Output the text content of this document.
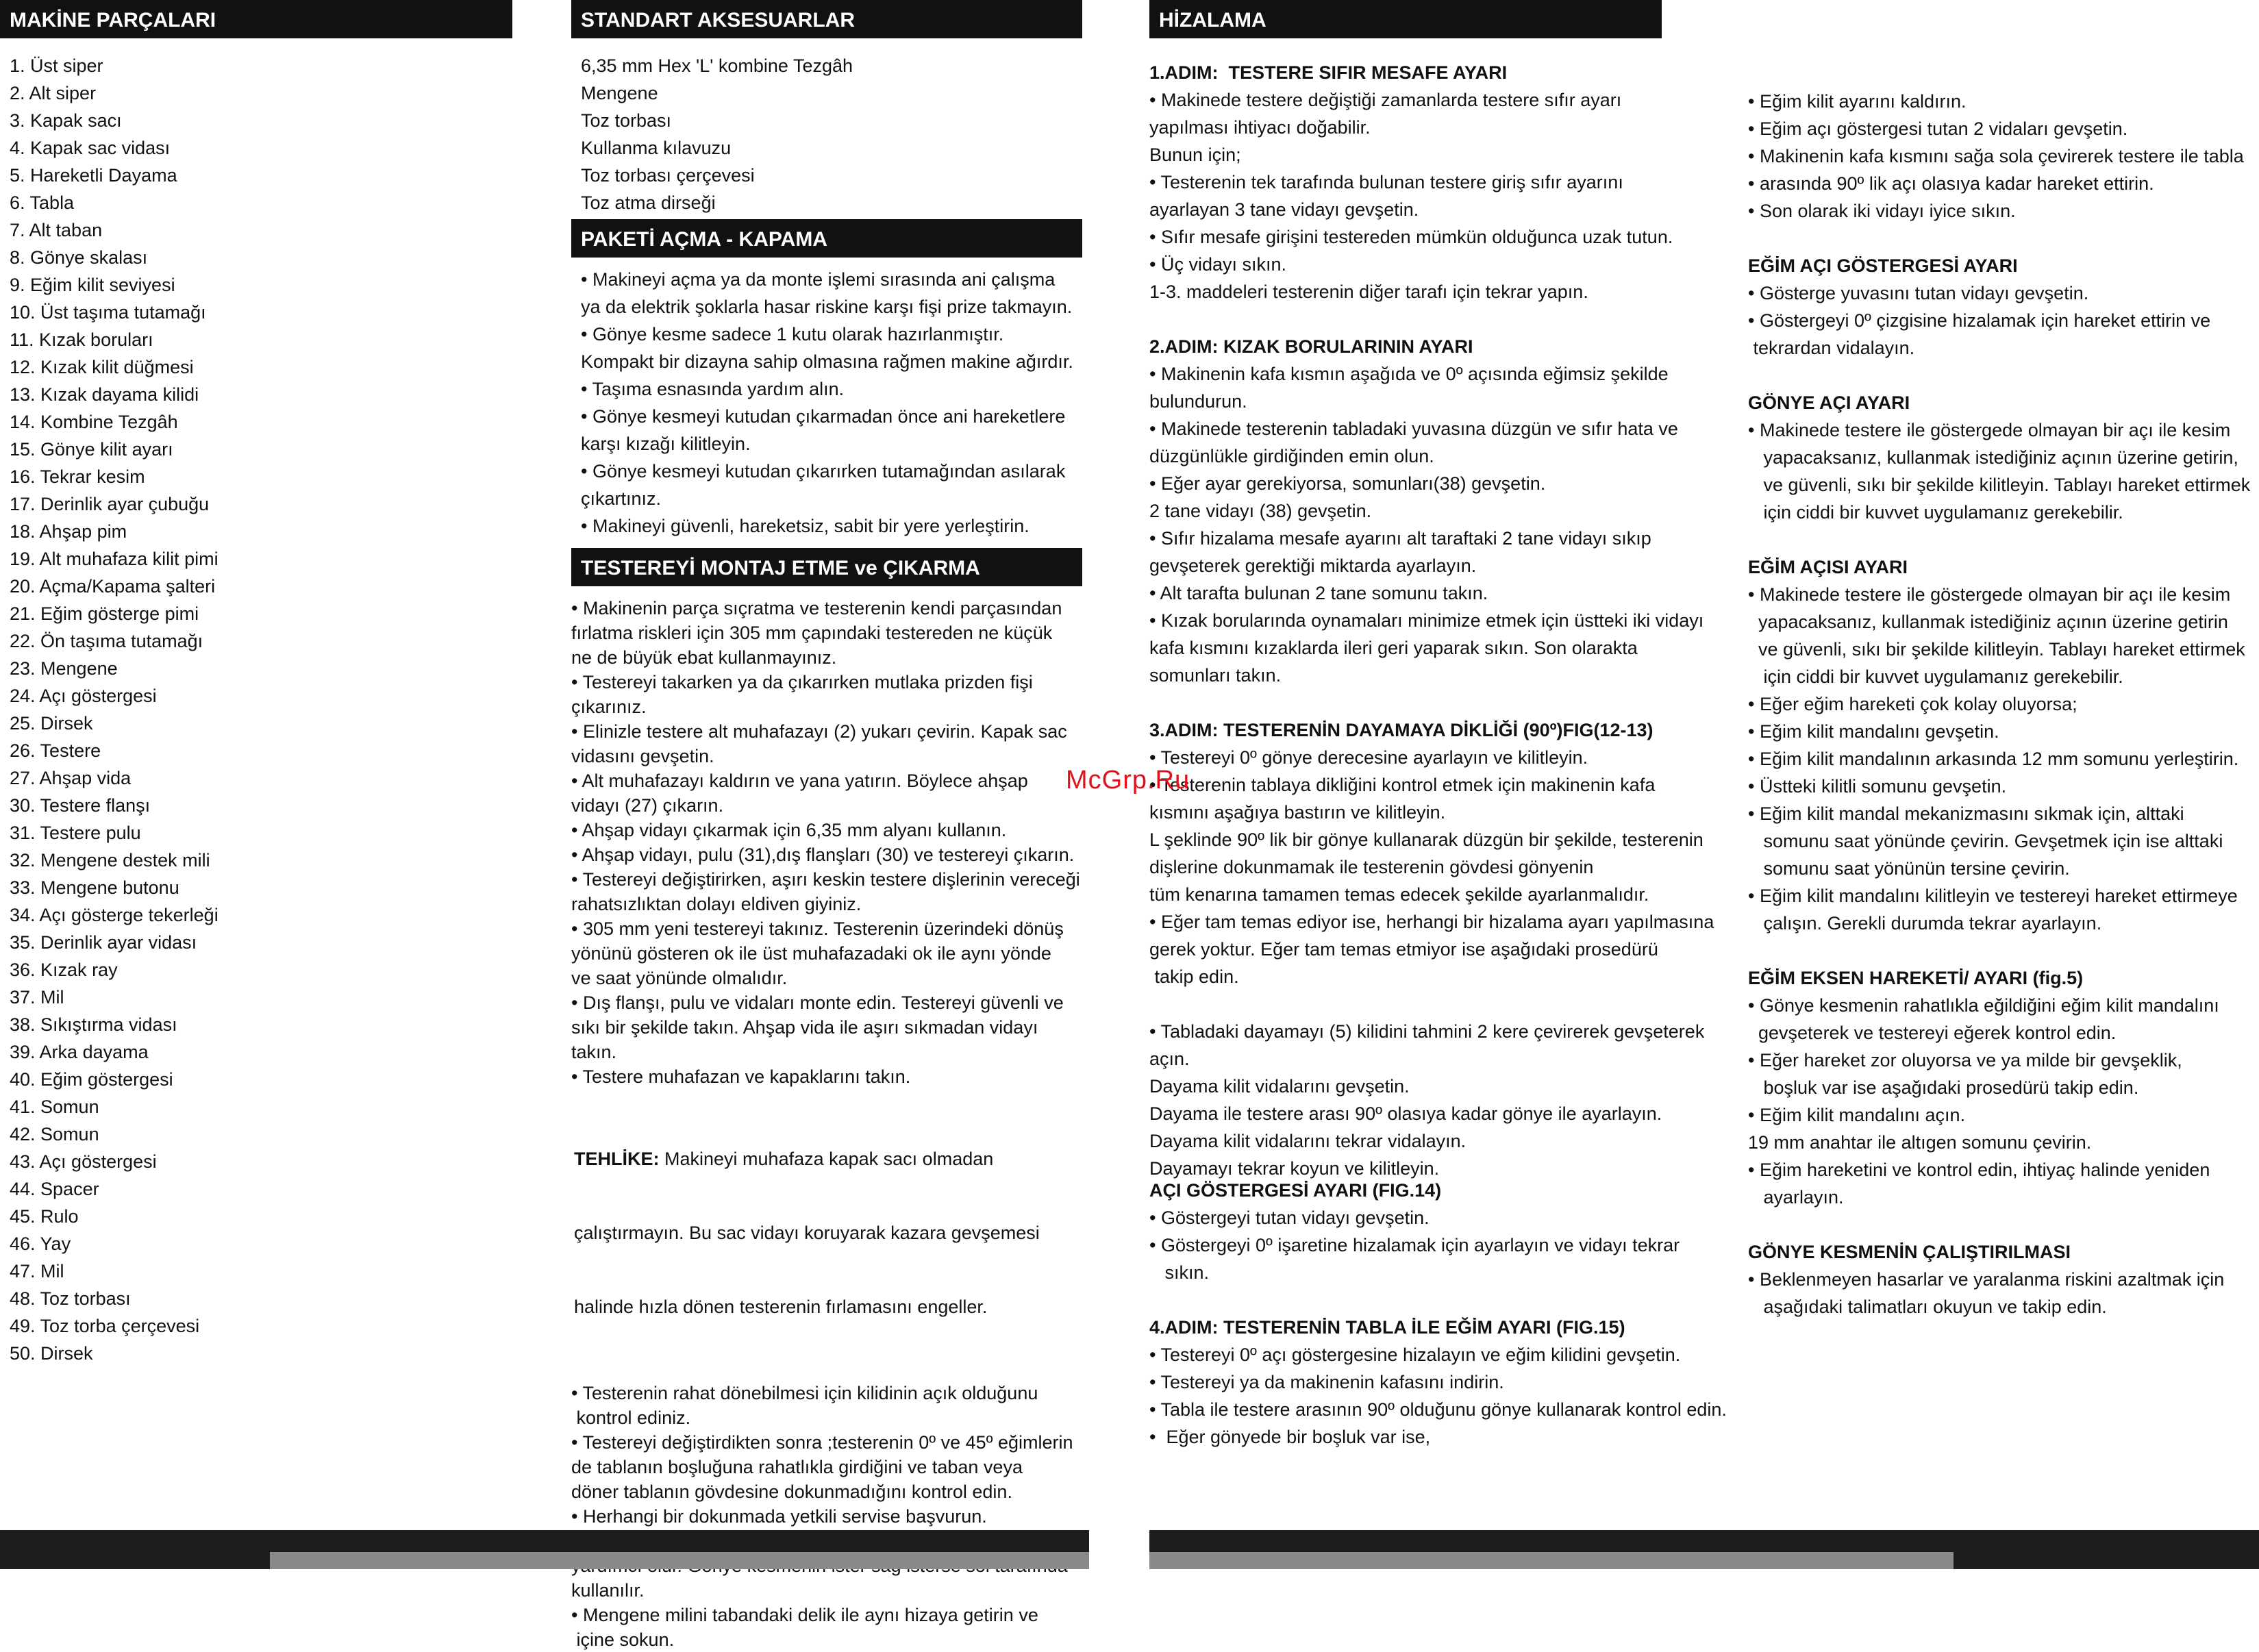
MAKİNE PARÇALARI
1. Üst siper
2. Alt siper
3. Kapak sacı
4. Kapak sac vidası
5. Hareketli Dayama
6. Tabla
7. Alt taban
8. Gönye skalası
9. Eğim kilit seviyesi
10. Üst taşıma tutamağı
11. Kızak boruları
12. Kızak kilit düğmesi
13. Kızak dayama kilidi
14. Kombine Tezgâh
15. Gönye kilit ayarı
16. Tekrar kesim
17. Derinlik ayar çubuğu
18. Ahşap pim
19. Alt muhafaza kilit pimi
20. Açma/Kapama şalteri
21. Eğim gösterge pimi
22. Ön taşıma tutamağı
23. Mengene
24. Açı göstergesi
25. Dirsek
26. Testere
27. Ahşap vida
30. Testere flanşı
31. Testere pulu
32. Mengene destek mili
33. Mengene butonu
34. Açı gösterge tekerleği
35. Derinlik ayar vidası
36. Kızak ray
37. Mil
38. Sıkıştırma vidası
39. Arka dayama
40. Eğim göstergesi
41. Somun
42. Somun
43. Açı göstergesi
44. Spacer
45. Rulo
46. Yay
47. Mil
48. Toz torbası
49. Toz torba çerçevesi
50. Dirsek
STANDART AKSESUARLAR
6,35 mm Hex 'L' kombine Tezgâh
Mengene
Toz torbası
Kullanma kılavuzu
Toz torbası çerçevesi
Toz atma dirseği
PAKETİ AÇMA - KAPAMA
• Makineyi açma ya da monte işlemi sırasında ani çalışma
ya da elektrik şoklarla hasar riskine karşı fişi prize takmayın.
• Gönye kesme sadece 1 kutu olarak hazırlanmıştır.
Kompakt bir dizayna sahip olmasına rağmen makine ağırdır.
• Taşıma esnasında yardım alın.
• Gönye kesmeyi kutudan çıkarmadan önce ani hareketlere
karşı kızağı kilitleyin.
• Gönye kesmeyi kutudan çıkarırken tutamağından asılarak
çıkartınız.
• Makineyi güvenli, hareketsiz, sabit bir yere yerleştirin.
TESTEREYİ MONTAJ ETME ve ÇIKARMA
• Makinenin parça sıçratma ve testerenin kendi parçasından
fırlatma riskleri için 305 mm çapındaki testereden ne küçük
ne de büyük ebat kullanmayınız.
• Testereyi takarken ya da çıkarırken mutlaka prizden fişi
çıkarınız.
• Elinizle testere alt muhafazayı (2) yukarı çevirin. Kapak sac
vidasını gevşetin.
• Alt muhafazayı kaldırın ve yana yatırın. Böylece ahşap
vidayı (27) çıkarın.
• Ahşap vidayı çıkarmak için 6,35 mm alyanı kullanın.
• Ahşap vidayı, pulu (31),dış flanşları (30) ve testereyi çıkarın.
• Testereyi değiştirirken, aşırı keskin testere dişlerinin vereceği
rahatsızlıktan dolayı eldiven giyiniz.
• 305 mm yeni testereyi takınız. Testerenin üzerindeki dönüş
yönünü gösteren ok ile üst muhafazadaki ok ile aynı yönde
ve saat yönünde olmalıdır.
• Dış flanşı, pulu ve vidaları monte edin. Testereyi güvenli ve
sıkı bir şekilde takın. Ahşap vida ile aşırı sıkmadan vidayı
takın.
• Testere muhafazan ve kapaklarını takın.

TEHLİKE: Makineyi muhafaza kapak sacı olmadan

çalıştırmayın. Bu sac vidayı koruyarak kazara gevşemesi

halinde hızla dönen testerenin fırlamasını engeller.

• Testerenin rahat dönebilmesi için kilidinin açık olduğunu
kontrol ediniz.
• Testereyi değiştirdikten sonra ;testerenin 0º ve 45º eğimlerin
de tablanın boşluğuna rahatlıkla girdiğini ve taban veya
döner tablanın gövdesine dokunmadığını kontrol edin.
• Herhangi bir dokunmada yetkili servise başvurun.
kullanılır.
• Mengene milini tabandaki delik ile aynı hizaya getirin ve
içine sokun.
HİZALAMA
1.ADIM:  TESTERE SIFIR MESAFE AYARI
• Makinede testere değiştiği zamanlarda testere sıfır ayarı
yapılması ihtiyacı doğabilir.
Bunun için;
• Testerenin tek tarafında bulunan testere giriş sıfır ayarını
ayarlayan 3 tane vidayı gevşetin.
• Sıfır mesafe girişini testereden mümkün olduğunca uzak tutun.
• Üç vidayı sıkın.
1-3. maddeleri testerenin diğer tarafı için tekrar yapın.
2.ADIM: KIZAK BORULARININ AYARI
• Makinenin kafa kısmın aşağıda ve 0º açısında eğimsiz şekilde
bulundurun.
• Makinede testerenin tabladaki yuvasına düzgün ve sıfır hata ve
düzgünlükle girdiğinden emin olun.
• Eğer ayar gerekiyorsa, somunları(38) gevşetin.
2 tane vidayı (38) gevşetin.
• Sıfır hizalama mesafe ayarını alt taraftaki 2 tane vidayı sıkıp
gevşeterek gerektiği miktarda ayarlayın.
• Alt tarafta bulunan 2 tane somunu takın.
• Kızak borularında oynamaları minimize etmek için üstteki iki vidayı
kafa kısmını kızaklarda ileri geri yaparak sıkın. Son olarakta
somunları takın.
3.ADIM: TESTERENİN DAYAMAYA DİKLİĞİ (90º)FIG(12-13)
• Testereyi 0º gönye derecesine ayarlayın ve kilitleyin.
• Testerenin tablaya dikliğini kontrol etmek için makinenin kafa
kısmını aşağıya bastırın ve kilitleyin.
L şeklinde 90º lik bir gönye kullanarak düzgün bir şekilde, testerenin
dişlerine dokunmamak ile testerenin gövdesi gönyenin
tüm kenarına tamamen temas edecek şekilde ayarlanmalıdır.
• Eğer tam temas ediyor ise, herhangi bir hizalama ayarı yapılmasına
gerek yoktur. Eğer tam temas etmiyor ise aşağıdaki prosedürü
takip edin.
• Tabladaki dayamayı (5) kilidini tahmini 2 kere çevirerek gevşeterek
açın.
Dayama kilit vidalarını gevşetin.
Dayama ile testere arası 90º olasıya kadar gönye ile ayarlayın.
Dayama kilit vidalarını tekrar vidalayın.
Dayamayı tekrar koyun ve kilitleyin.
AÇI GÖSTERGESİ AYARI (FIG.14)
• Göstergeyi tutan vidayı gevşetin.
• Göstergeyi 0º işaretine hizalamak için ayarlayın ve vidayı tekrar
sıkın.
4.ADIM: TESTERENİN TABLA İLE EĞİM AYARI (FIG.15)
• Testereyi 0º açı göstergesine hizalayın ve eğim kilidini gevşetin.
• Testereyi ya da makinenin kafasını indirin.
• Tabla ile testere arasının 90º olduğunu gönye kullanarak kontrol edin.
•  Eğer gönyede bir boşluk var ise,
• Eğim kilit ayarını kaldırın.
• Eğim açı göstergesi tutan 2 vidaları gevşetin.
• Makinenin kafa kısmını sağa sola çevirerek testere ile tabla
• arasında 90º lik açı olasıya kadar hareket ettirin.
• Son olarak iki vidayı iyice sıkın.
EĞİM AÇI GÖSTERGESİ AYARI
• Gösterge yuvasını tutan vidayı gevşetin.
• Göstergeyi 0º çizgisine hizalamak için hareket ettirin ve
tekrardan vidalayın.
GÖNYE AÇI AYARI
• Makinede testere ile göstergede olmayan bir açı ile kesim
yapacaksanız, kullanmak istediğiniz açının üzerine getirin,
ve güvenli, sıkı bir şekilde kilitleyin. Tablayı hareket ettirmek
için ciddi bir kuvvet uygulamanız gerekebilir.
EĞİM AÇISI AYARI
• Makinede testere ile göstergede olmayan bir açı ile kesim
yapacaksanız, kullanmak istediğiniz açının üzerine getirin
ve güvenli, sıkı bir şekilde kilitleyin. Tablayı hareket ettirmek
için ciddi bir kuvvet uygulamanız gerekebilir.
• Eğer eğim hareketi çok kolay oluyorsa;
• Eğim kilit mandalını gevşetin.
• Eğim kilit mandalının arkasında 12 mm somunu yerleştirin.
• Üstteki kilitli somunu gevşetin.
• Eğim kilit mandal mekanizmasını sıkmak için, alttaki
somunu saat yönünde çevirin. Gevşetmek için ise alttaki
somunu saat yönünün tersine çevirin.
• Eğim kilit mandalını kilitleyin ve testereyi hareket ettirmeye
çalışın. Gerekli durumda tekrar ayarlayın.
EĞİM EKSEN HAREKETİ/ AYARI (fig.5)
• Gönye kesmenin rahatlıkla eğildiğini eğim kilit mandalını
gevşeterek ve testereyi eğerek kontrol edin.
• Eğer hareket zor oluyorsa ve ya milde bir gevşeklik,
boşluk var ise aşağıdaki prosedürü takip edin.
• Eğim kilit mandalını açın.
19 mm anahtar ile altıgen somunu çevirin.
• Eğim hareketini ve kontrol edin, ihtiyaç halinde yeniden
ayarlayın.
GÖNYE KESMENİN ÇALIŞTIRILMASI
• Beklenmeyen hasarlar ve yaralanma riskini azaltmak için
aşağıdaki talimatları okuyun ve takip edin.
McGrp.Ru
